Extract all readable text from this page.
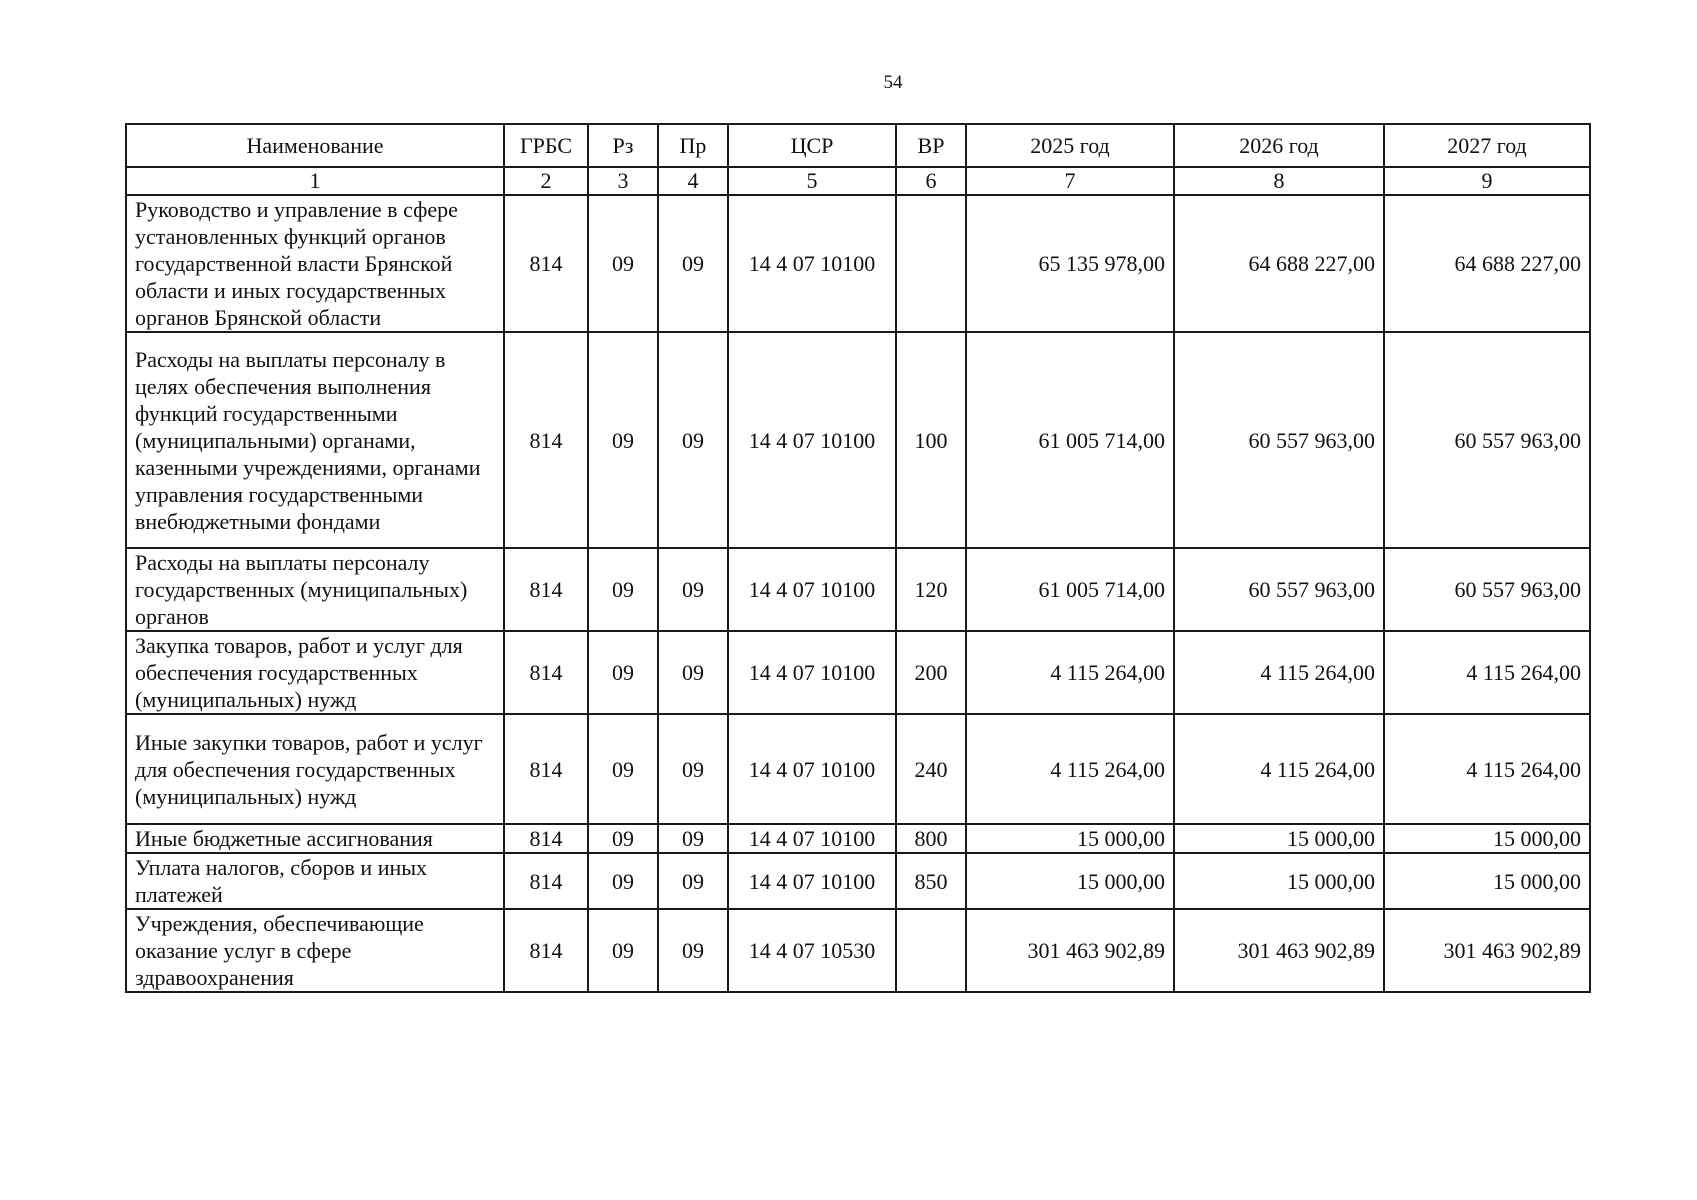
54
Наименование	ГРБС	Рз	Пр	ЦСР	ВР	2025 год	2026 год	2027 год
1	2	3	4	5	6	7	8	9
Руководство и управление в сфере установленных функций органов государственной власти Брянской области и иных государственных органов Брянской области	814	09	09	14 4 07 10100		65 135 978,00	64 688 227,00	64 688 227,00
Расходы на выплаты персоналу в целях обеспечения выполнения функций государственными (муниципальными) органами, казенными учреждениями, органами управления государственными внебюджетными фондами	814	09	09	14 4 07 10100	100	61 005 714,00	60 557 963,00	60 557 963,00
Расходы на выплаты персоналу государственных (муниципальных) органов	814	09	09	14 4 07 10100	120	61 005 714,00	60 557 963,00	60 557 963,00
Закупка товаров, работ и услуг для обеспечения государственных (муниципальных) нужд	814	09	09	14 4 07 10100	200	4 115 264,00	4 115 264,00	4 115 264,00
Иные закупки товаров, работ и услуг для обеспечения государственных (муниципальных) нужд	814	09	09	14 4 07 10100	240	4 115 264,00	4 115 264,00	4 115 264,00
Иные бюджетные ассигнования	814	09	09	14 4 07 10100	800	15 000,00	15 000,00	15 000,00
Уплата налогов, сборов и иных платежей	814	09	09	14 4 07 10100	850	15 000,00	15 000,00	15 000,00
Учреждения, обеспечивающие оказание услуг в сфере здравоохранения	814	09	09	14 4 07 10530		301 463 902,89	301 463 902,89	301 463 902,89
